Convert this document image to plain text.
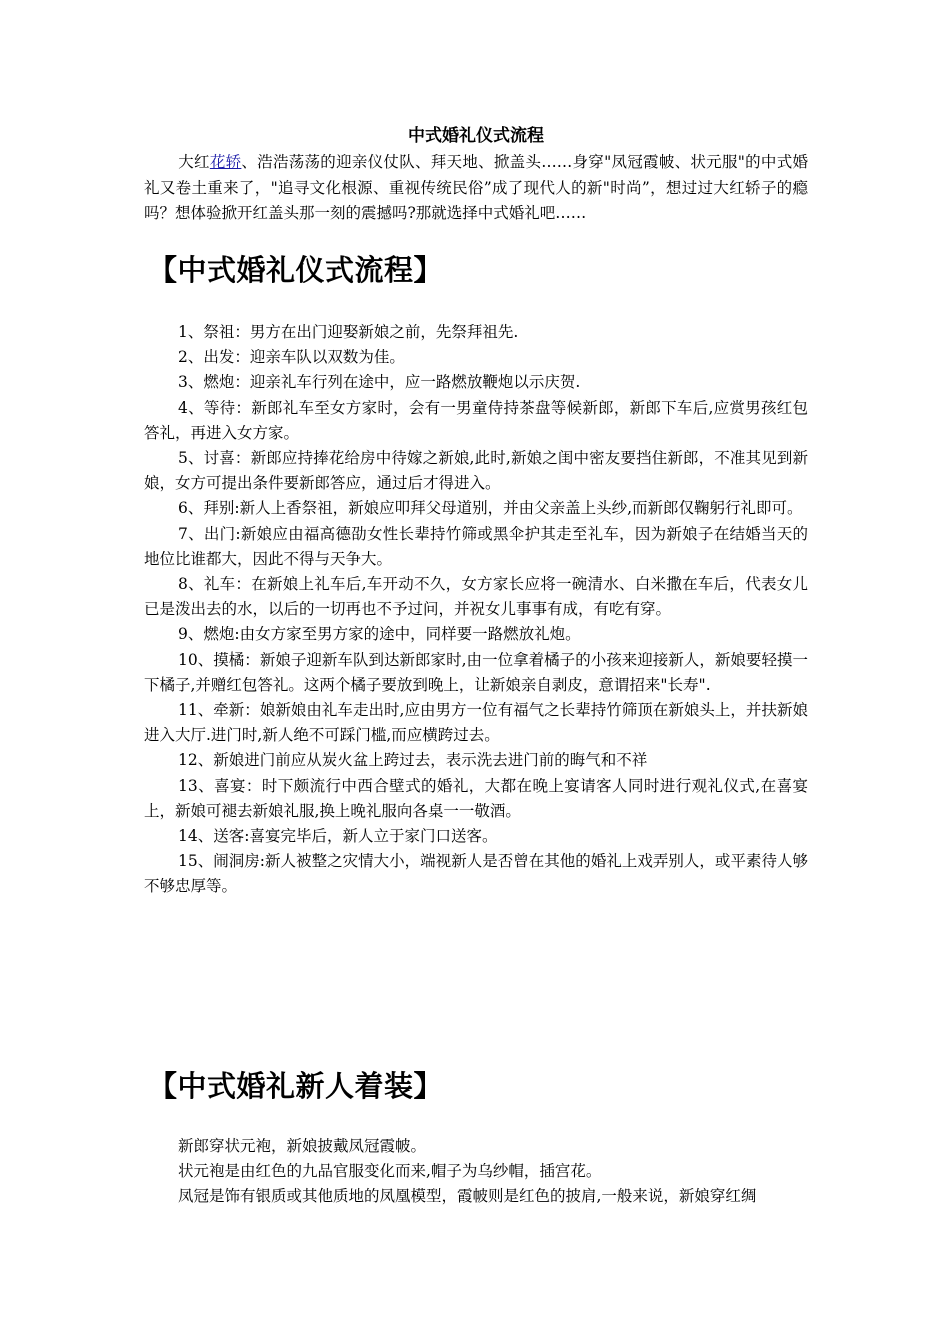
中式婚礼仪式流程
大红花轿、浩浩荡荡的迎亲仪仗队、拜天地、掀盖头……身穿"凤冠霞帔、状元服"的中式婚礼又卷土重来了，"追寻文化根源、重视传统民俗”成了现代人的新"时尚”，想过过大红轿子的瘾吗？想体验掀开红盖头那一刻的震撼吗?那就选择中式婚礼吧……
【中式婚礼仪式流程】

1、祭祖：男方在出门迎娶新娘之前，先祭拜祖先.

2、出发：迎亲车队以双数为佳。

3、燃炮：迎亲礼车行列在途中，应一路燃放鞭炮以示庆贺.

4、等待：新郎礼车至女方家时，会有一男童侍持茶盘等候新郎，新郎下车后,应赏男孩红包答礼，再进入女方家。

5、讨喜：新郎应持捧花给房中待嫁之新娘,此时,新娘之闺中密友要挡住新郎，不准其见到新娘，女方可提出条件要新郎答应，通过后才得进入。

6、拜别:新人上香祭祖，新娘应叩拜父母道别，并由父亲盖上头纱,而新郎仅鞠躬行礼即可。

7、出门:新娘应由福高德劭女性长辈持竹筛或黑伞护其走至礼车，因为新娘子在结婚当天的地位比谁都大，因此不得与天争大。

8、礼车：在新娘上礼车后,车开动不久，女方家长应将一碗清水、白米撒在车后，代表女儿已是泼出去的水，以后的一切再也不予过问，并祝女儿事事有成，有吃有穿。

9、燃炮:由女方家至男方家的途中，同样要一路燃放礼炮。

10、摸橘：新娘子迎新车队到达新郎家时,由一位拿着橘子的小孩来迎接新人，新娘要轻摸一下橘子,并赠红包答礼。这两个橘子要放到晚上，让新娘亲自剥皮，意谓招来"长寿".

11、牵新：娘新娘由礼车走出时,应由男方一位有福气之长辈持竹筛顶在新娘头上，并扶新娘进入大厅.进门时,新人绝不可踩门槛,而应横跨过去。

12、新娘进门前应从炭火盆上跨过去，表示洗去进门前的晦气和不祥

13、喜宴：时下颇流行中西合壁式的婚礼，大都在晚上宴请客人同时进行观礼仪式,在喜宴上，新娘可褪去新娘礼服,换上晚礼服向各桌一一敬酒。

14、送客:喜宴完毕后，新人立于家门口送客。

15、闹洞房:新人被整之灾情大小，端视新人是否曾在其他的婚礼上戏弄别人，或平素待人够不够忠厚等。

【中式婚礼新人着装】

新郎穿状元袍，新娘披戴凤冠霞帔。

状元袍是由红色的九品官服变化而来,帽子为乌纱帽，插宫花。

凤冠是饰有银质或其他质地的凤凰模型，霞帔则是红色的披肩,一般来说，新娘穿红绸
